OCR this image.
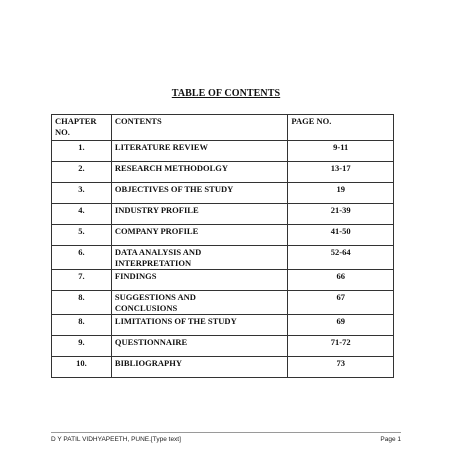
TABLE OF CONTENTS
CHAPTER
NO.	CONTENTS	PAGE NO.
1.	LITERATURE REVIEW	9-11
2.	RESEARCH METHODOLGY	13-17
3.	OBJECTIVES OF THE STUDY	19
4.	INDUSTRY PROFILE	21-39
5.	COMPANY PROFILE	41-50
6.	DATA ANALYSIS AND
INTERPRETATION	52-64
7.	FINDINGS	66
8.	SUGGESTIONS AND
CONCLUSIONS	67
8.	LIMITATIONS OF THE STUDY	69
9.	QUESTIONNAIRE	71-72
10.	BIBLIOGRAPHY	73
D Y PATIL VIDHYAPEETH, PUNE.[Type text]	Page 1
